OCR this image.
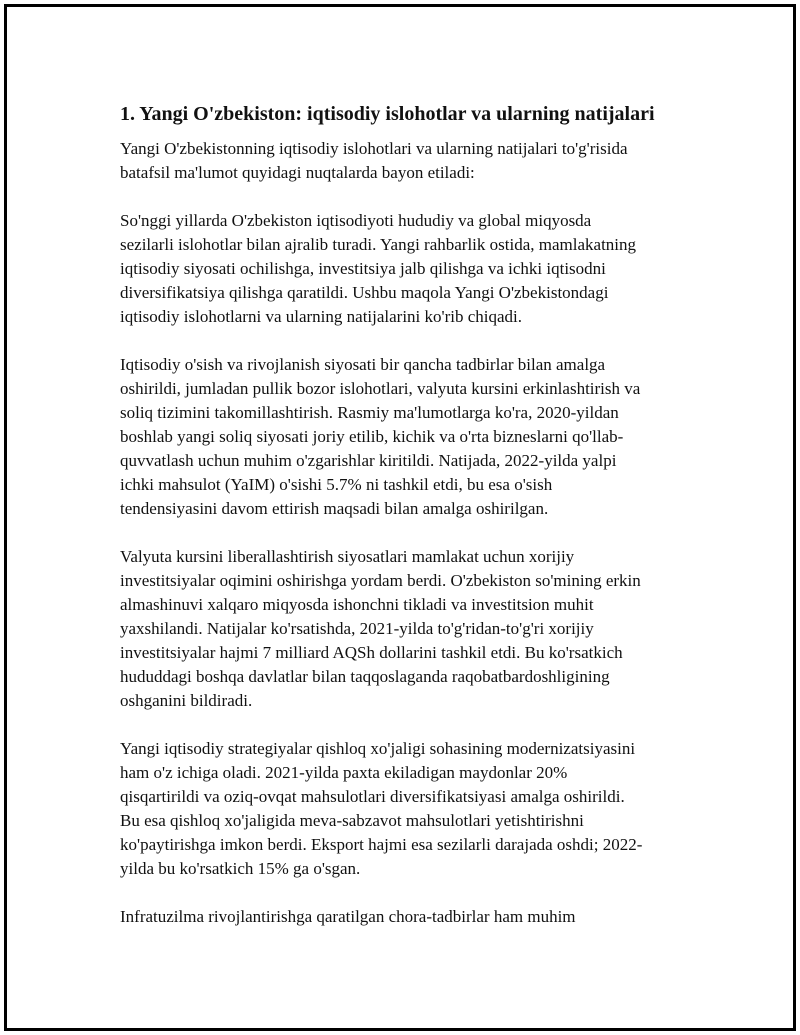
1. Yangi O'zbekiston: iqtisodiy islohotlar va ularning natijalari

Yangi O'zbekistonning iqtisodiy islohotlari va ularning natijalari to'g'risida
batafsil ma'lumot quyidagi nuqtalarda bayon etiladi:

So'nggi yillarda O'zbekiston iqtisodiyoti hududiy va global miqyosda
sezilarli islohotlar bilan ajralib turadi. Yangi rahbarlik ostida, mamlakatning
iqtisodiy siyosati ochilishga, investitsiya jalb qilishga va ichki iqtisodni
diversifikatsiya qilishga qaratildi. Ushbu maqola Yangi O'zbekistondagi
iqtisodiy islohotlarni va ularning natijalarini ko'rib chiqadi.

Iqtisodiy o'sish va rivojlanish siyosati bir qancha tadbirlar bilan amalga
oshirildi, jumladan pullik bozor islohotlari, valyuta kursini erkinlashtirish va
soliq tizimini takomillashtirish. Rasmiy ma'lumotlarga ko'ra, 2020-yildan
boshlab yangi soliq siyosati joriy etilib, kichik va o'rta bizneslarni qo'llab-
quvvatlash uchun muhim o'zgarishlar kiritildi. Natijada, 2022-yilda yalpi
ichki mahsulot (YaIM) o'sishi 5.7% ni tashkil etdi, bu esa o'sish
tendensiyasini davom ettirish maqsadi bilan amalga oshirilgan.

Valyuta kursini liberallashtirish siyosatlari mamlakat uchun xorijiy
investitsiyalar oqimini oshirishga yordam berdi. O'zbekiston so'mining erkin
almashinuvi xalqaro miqyosda ishonchni tikladi va investitsion muhit
yaxshilandi. Natijalar ko'rsatishda, 2021-yilda to'g'ridan-to'g'ri xorijiy
investitsiyalar hajmi 7 milliard AQSh dollarini tashkil etdi. Bu ko'rsatkich
hududdagi boshqa davlatlar bilan taqqoslaganda raqobatbardoshligining
oshganini bildiradi.

Yangi iqtisodiy strategiyalar qishloq xo'jaligi sohasining modernizatsiyasini
ham o'z ichiga oladi. 2021-yilda paxta ekiladigan maydonlar 20%
qisqartirildi va oziq-ovqat mahsulotlari diversifikatsiyasi amalga oshirildi.
Bu esa qishloq xo'jaligida meva-sabzavot mahsulotlari yetishtirishni
ko'paytirishga imkon berdi. Eksport hajmi esa sezilarli darajada oshdi; 2022-
yilda bu ko'rsatkich 15% ga o'sgan.

Infratuzilma rivojlantirishga qaratilgan chora-tadbirlar ham muhim
